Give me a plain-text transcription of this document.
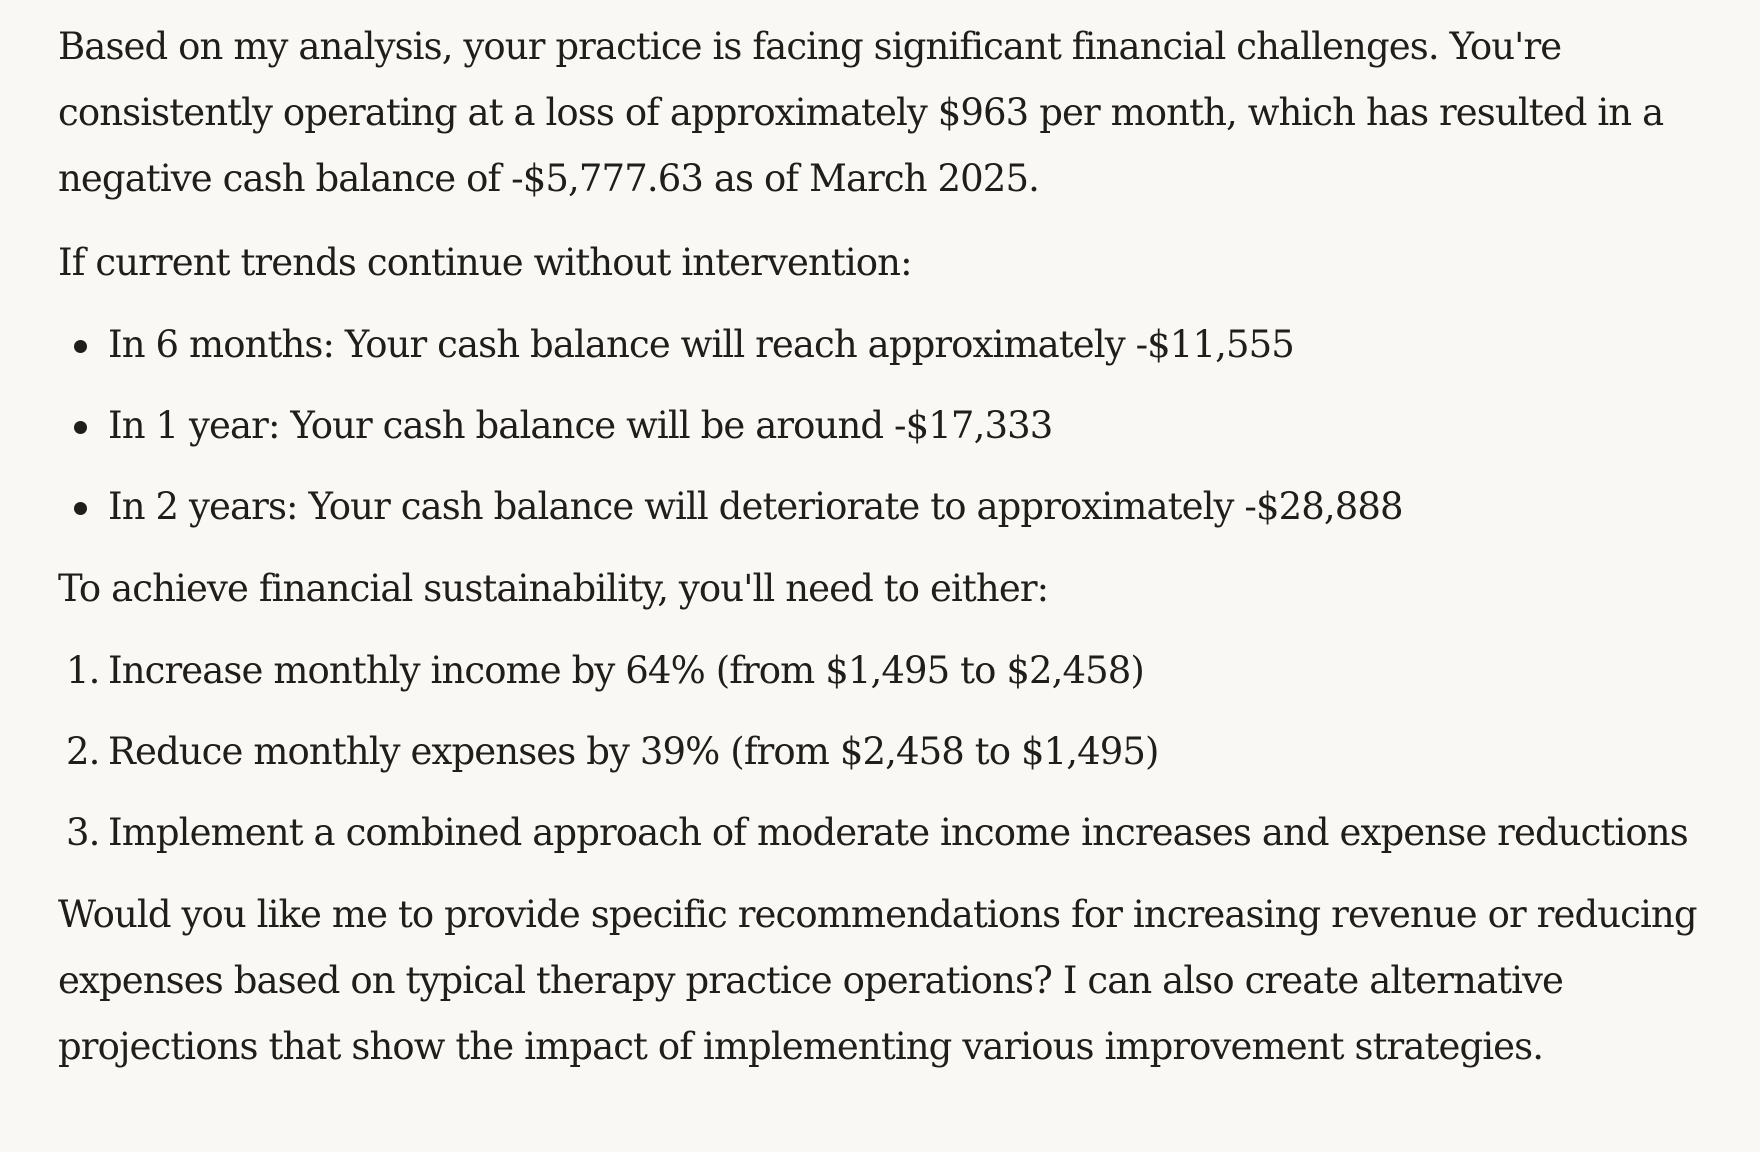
Based on my analysis, your practice is facing significant financial challenges. You're
consistently operating at a loss of approximately $963 per month, which has resulted in a
negative cash balance of -$5,777.63 as of March 2025.

If current trends continue without intervention:

In 6 months: Your cash balance will reach approximately -$11,555
In 1 year: Your cash balance will be around -$17,333
In 2 years: Your cash balance will deteriorate to approximately -$28,888

To achieve financial sustainability, you'll need to either:

1. Increase monthly income by 64% (from $1,495 to $2,458)
2. Reduce monthly expenses by 39% (from $2,458 to $1,495)
3. Implement a combined approach of moderate income increases and expense reductions

Would you like me to provide specific recommendations for increasing revenue or reducing
expenses based on typical therapy practice operations? I can also create alternative
projections that show the impact of implementing various improvement strategies.
